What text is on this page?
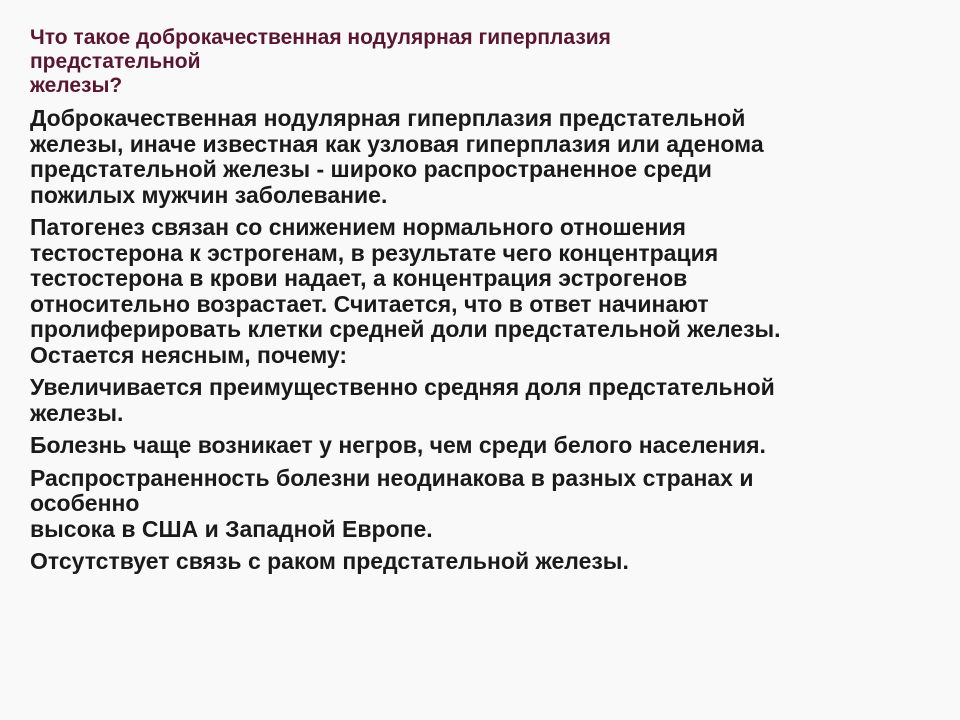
Что такое доброкачественная нодулярная гиперплазия
предстательной
железы?

Доброкачественная нодулярная гиперплазия предстательной
железы, иначе известная как узловая гиперплазия или аденома
предстательной железы - широко распространенное среди
пожилых мужчин заболевание.

Патогенез связан со снижением нормального отношения
тестостерона к эстрогенам, в результате чего концентрация
тестостерона в крови надает, а концентрация эстрогенов
относительно возрастает. Считается, что в ответ начинают
пролиферировать клетки средней доли предстательной железы.
Остается неясным, почему:

Увеличивается преимущественно средняя доля предстательной
железы.

Болезнь чаще возникает у негров, чем среди белого населения.

Распространенность болезни неодинакова в разных странах и
особенно
высока в США и Западной Европе.

Отсутствует связь с раком предстательной железы.
